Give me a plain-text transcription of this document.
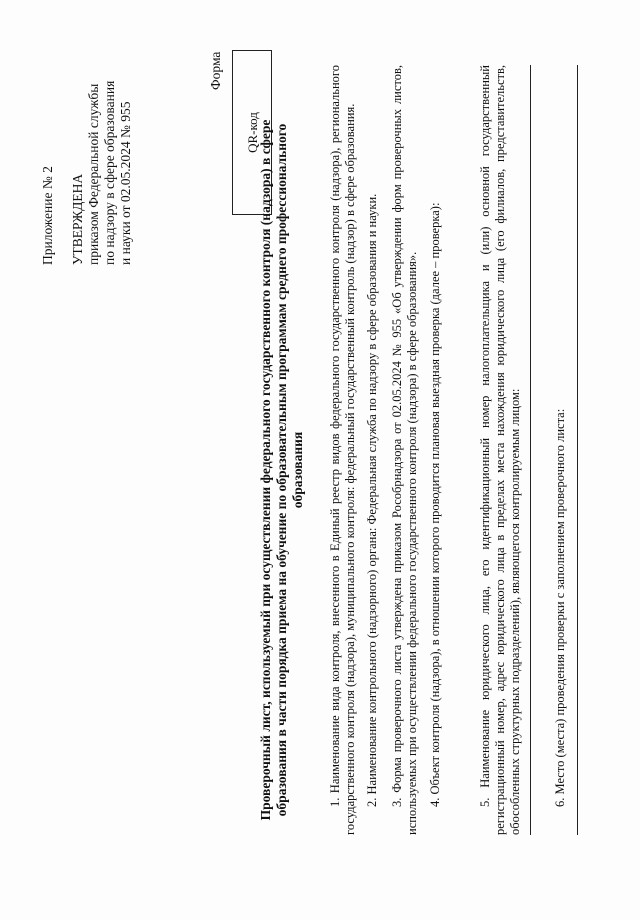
Приложение № 2 УТВЕРЖДЕНА приказом Федеральной службы по надзору в сфере образования и науки от 02.05.2024 № 955
Форма
QR-код
Проверочный лист, используемый при осуществлении федерального государственного контроля (надзора) в сфере образования в части порядка приема на обучение по образовательным программам среднего профессионального образования 1. Наименование вида контроля, внесенного в Единый реестр видов федерального государственного контроля (надзора), регионального государственного контроля (надзора), муниципального контроля: федеральный государственный контроль (надзор) в сфере образования. 2. Наименование контрольного (надзорного) органа: Федеральная служба по надзору в сфере образования и науки. 3. Форма проверочного листа утверждена приказом Рособрнадзора от 02.05.2024 № 955 «Об утверждении форм проверочных листов, используемых при осуществлении федерального государственного контроля (надзора) в сфере образования». 4. Объект контроля (надзора), в отношении которого проводится плановая выездная проверка (далее – проверка):	5. Наименование юридического лица, его идентификационный номер налогоплательщика и (или) основной государственный регистрационный номер, адрес юридического лица в пределах места нахождения юридического лица (его филиалов, представительств, обособленных структурных подразделений), являющегося контролируемым лицом: 6. Место (места) проведения проверки с заполнением проверочного листа:
